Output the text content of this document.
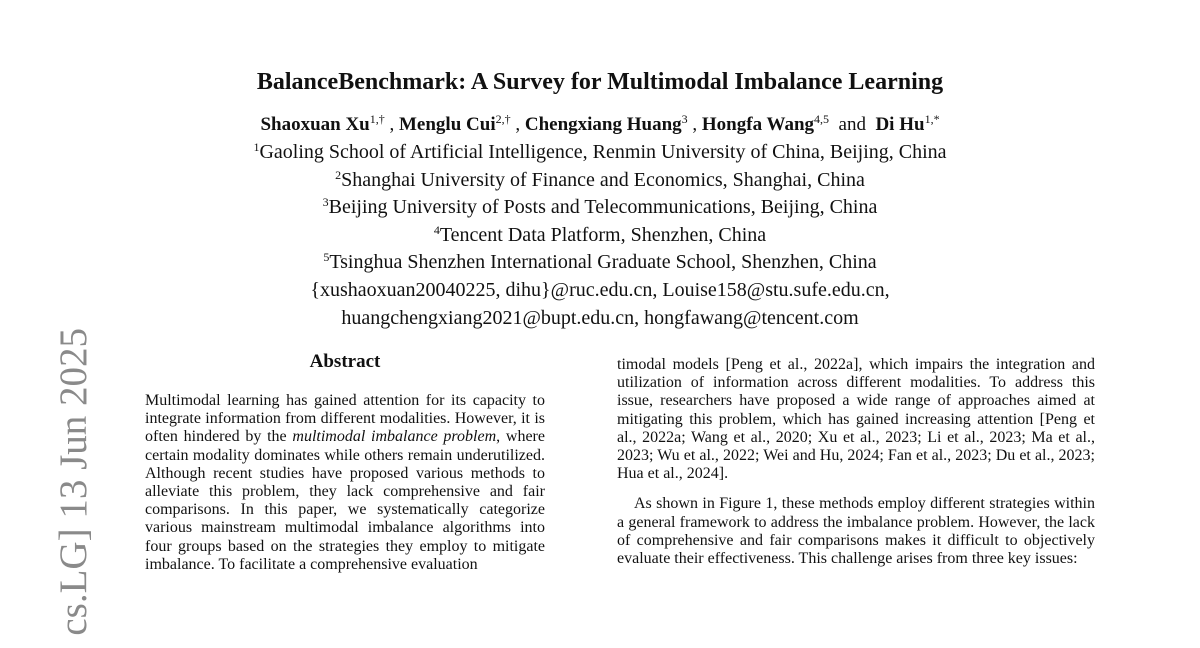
BalanceBenchmark: A Survey for Multimodal Imbalance Learning
Shaoxuan $Xu^{1,\dagger}$ , Menglu Cui$^{2,\dagger}$ , Chengxiang Huang$^3$ , Hongfa Wang$^{4,5}$ and Di $Hu^{1,*}$
$^1$Gaoling School of Artificial Intelligence, Renmin University of China, Beijing, China
$^2$Shanghai University of Finance and Economics, Shanghai, China
$^3$Beijing University of Posts and Telecommunications, Beijing, China
$^4$Tencent Data Platform, Shenzhen, China
$^5$Tsinghua Shenzhen International Graduate School, Shenzhen, China
{xushaoxuan20040225, dihu}@ruc.edu.cn, Louise158@stu.sufe.edu.cn,
huangchengxiang2021@bupt.edu.cn, hongfawang@tencent.com
cs.LG] 13 Jun 2025	Abstract

Multimodal learning has gained attention for its capacity to integrate information from different modalities. However, it is often hindered by the multimodal imbalance problem, where certain modality dominates while others remain underutilized. Although recent studies have proposed various methods to alleviate this problem, they lack comprehensive and fair comparisons. In this paper, we systematically categorize various mainstream multimodal imbalance algorithms into four groups based on the strategies they employ to mitigate imbalance. To facilitate a comprehensive evaluation

timodal models [Peng et al., 2022a], which impairs the integration and utilization of information across different modalities. To address this issue, researchers have proposed a wide range of approaches aimed at mitigating this problem, which has gained increasing attention [Peng et al., 2022a; Wang et al., 2020; Xu et al., 2023; Li et al., 2023; Ma et al., 2023; Wu et al., 2022; Wei and Hu, 2024; Fan et al., 2023; Du et al., 2023; Hua et al., 2024].

As shown in Figure 1, these methods employ different strategies within a general framework to address the imbalance problem. However, the lack of comprehensive and fair comparisons makes it difficult to objectively evaluate their effectiveness. This challenge arises from three key issues:
